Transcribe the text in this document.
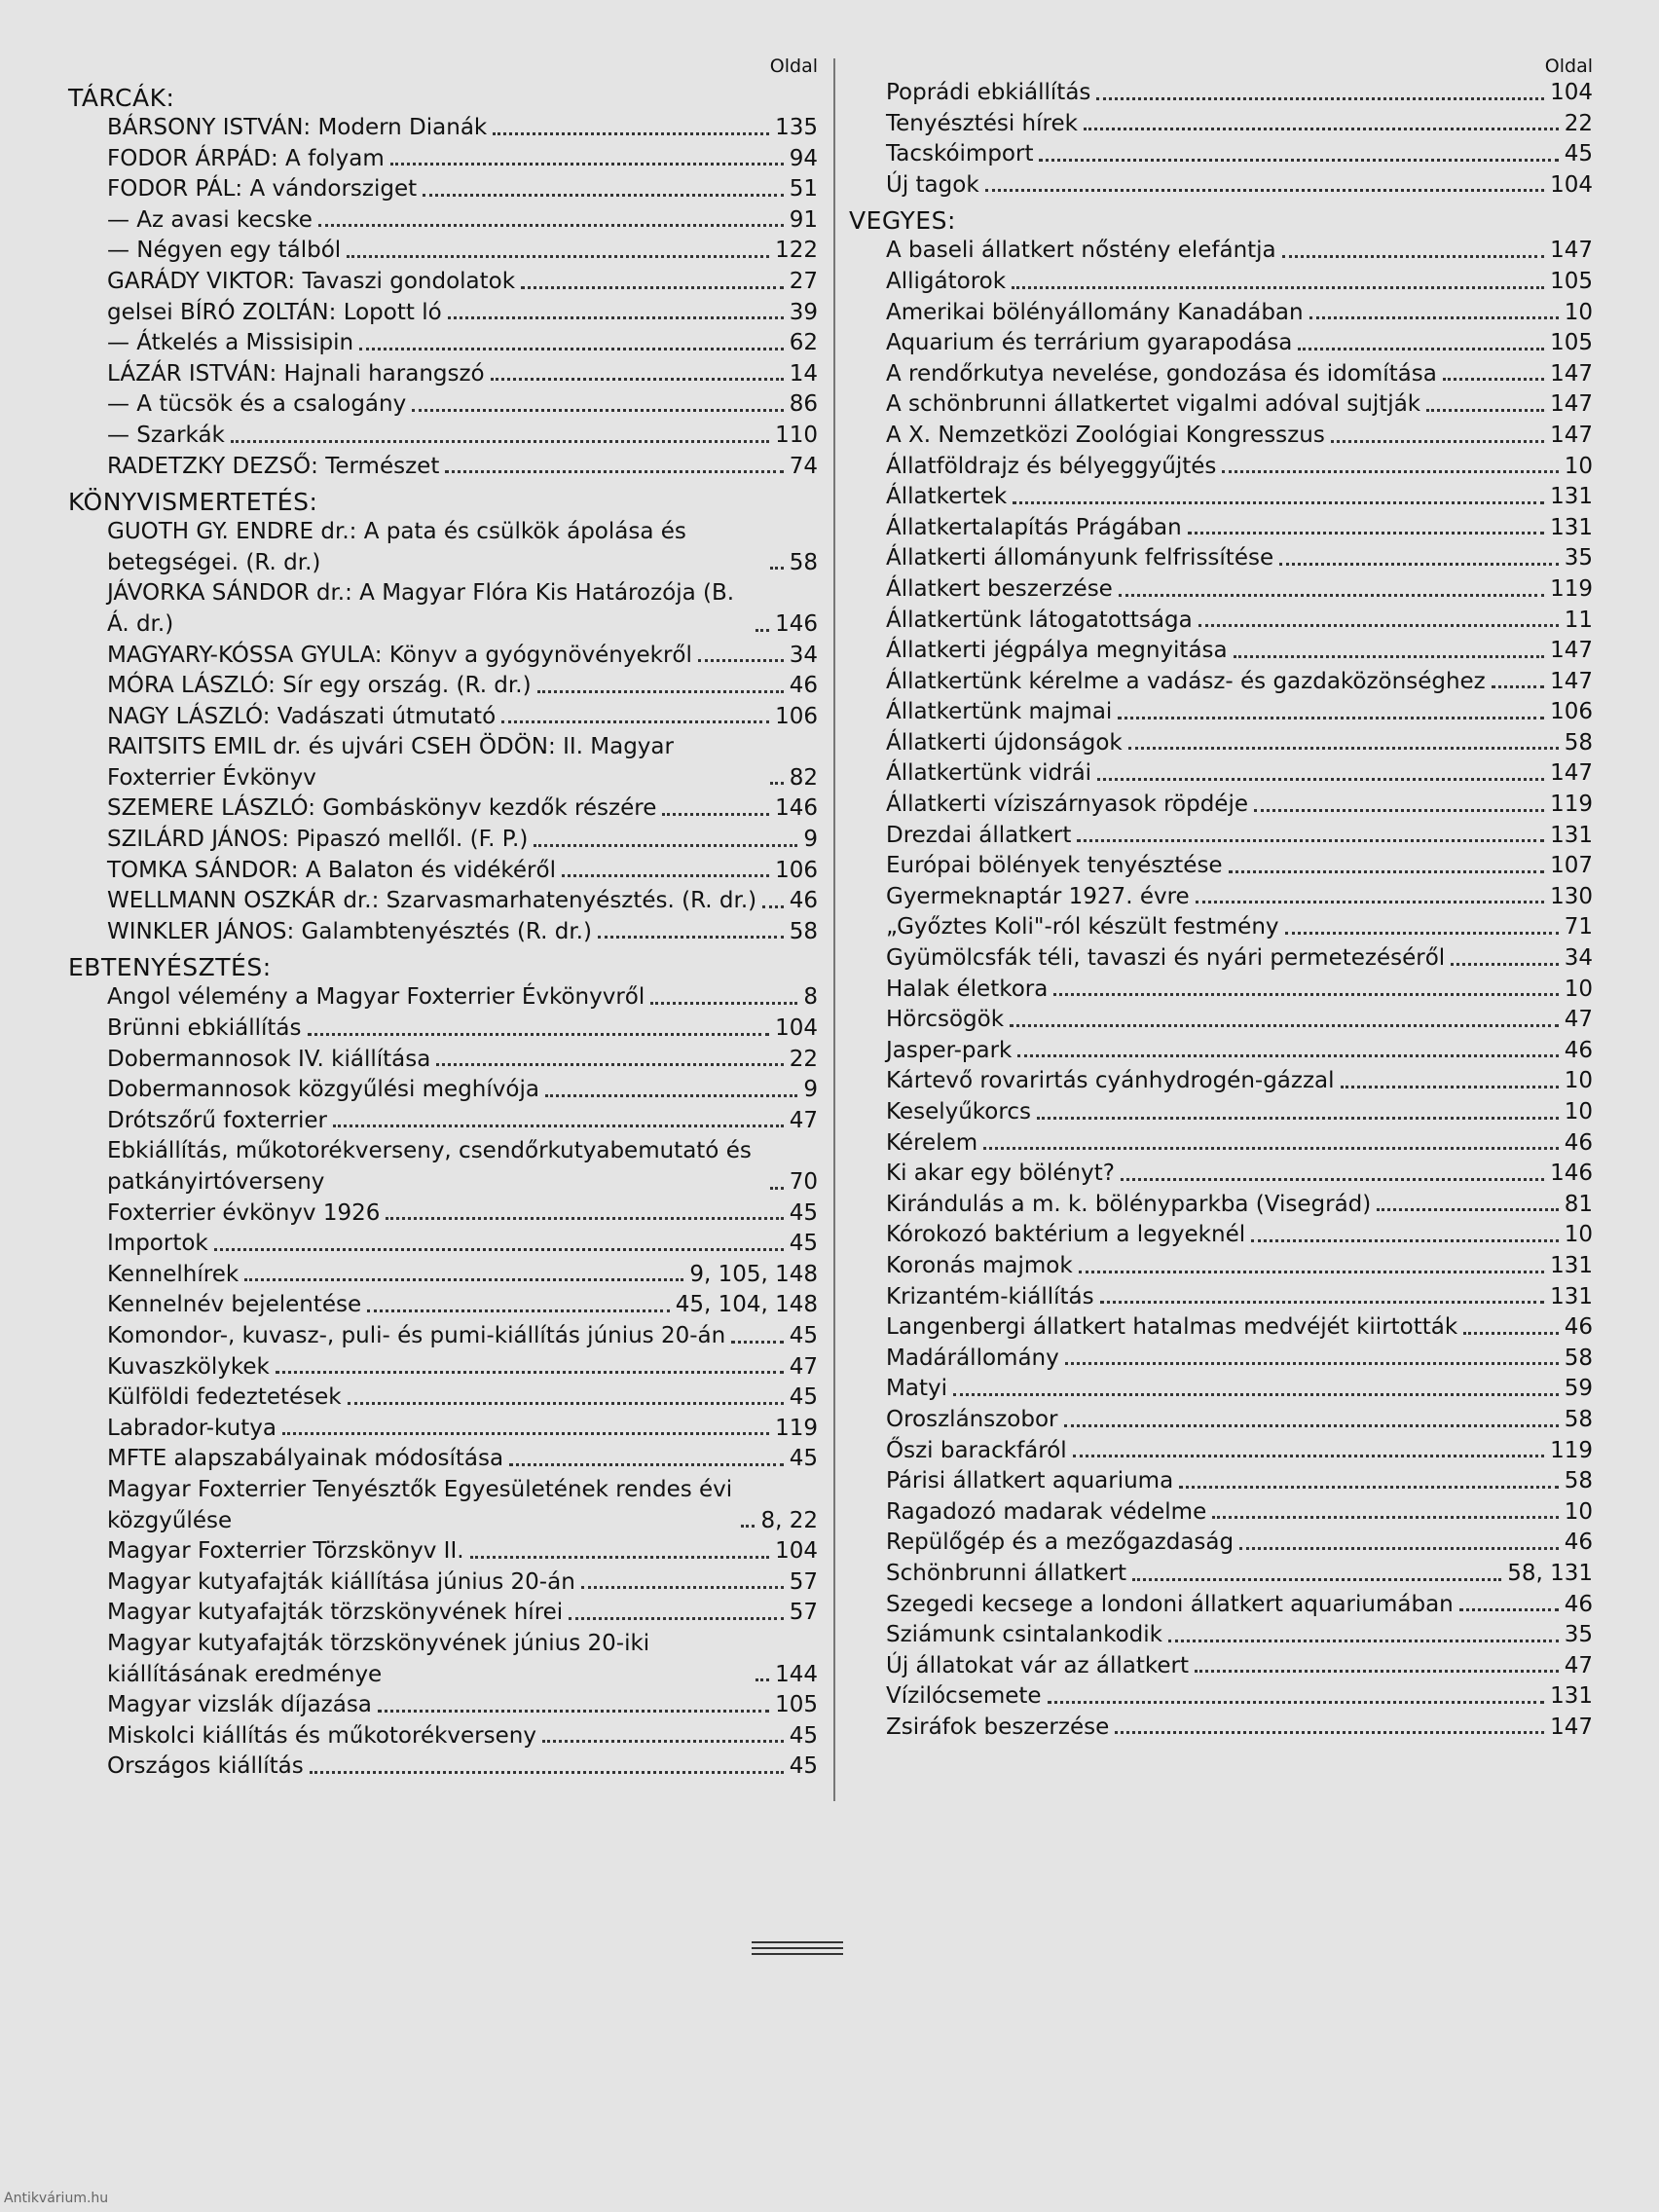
Oldal
TÁRCÁK:
BÁRSONY ISTVÁN: Modern Dianák	135
FODOR ÁRPÁD: A folyam	94
FODOR PÁL: A vándorsziget	51
— Az avasi kecske	91
— Négyen egy tálból	122
GARÁDY VIKTOR: Tavaszi gondolatok	27
gelsei BÍRÓ ZOLTÁN: Lopott ló	39
— Átkelés a Missisipin	62
LÁZÁR ISTVÁN: Hajnali harangszó	14
— A tücsök és a csalogány	86
— Szarkák	110
RADETZKY DEZSŐ: Természet	74
KÖNYVISMERTETÉS:
GUOTH GY. ENDRE dr.: A pata és csülkök ápolása és betegségei. (R. dr.)	58
JÁVORKA SÁNDOR dr.: A Magyar Flóra Kis Határozója (B. Á. dr.)	146
MAGYARY-KÓSSA GYULA: Könyv a gyógynövényekről	34
MÓRA LÁSZLÓ: Sír egy ország. (R. dr.)	46
NAGY LÁSZLÓ: Vadászati útmutató	106
RAITSITS EMIL dr. és ujvári CSEH ÖDÖN: II. Magyar Foxterrier Évkönyv	82
SZEMERE LÁSZLÓ: Gombáskönyv kezdők részére	146
SZILÁRD JÁNOS: Pipaszó mellől. (F. P.)	9
TOMKA SÁNDOR: A Balaton és vidékéről	106
WELLMANN OSZKÁR dr.: Szarvasmarhatenyésztés. (R. dr.) 46
WINKLER JÁNOS: Galambtenyésztés (R. dr.)	58
EBTENYÉSZTÉS:
Angol vélemény a Magyar Foxterrier Évkönyvről	8
Brünni ebkiállítás	104
Dobermannosok IV. kiállítása	22
Dobermannosok közgyűlési meghívója	9
Drótszőrű foxterrier	47
Ebkiállítás, műkotorékverseny, csendőrkutyabemutató és patkányirtóverseny	70
Foxterrier évkönyv 1926	45
Importok	45
Kennelhírek	9, 105, 148
Kennelnév bejelentése	45, 104, 148
Komondor-, kuvasz-, puli- és pumi-kiállítás június 20-án	45
Kuvaszkölykek	47
Külföldi fedeztetések	45
Labrador-kutya	119
MFTE alapszabályainak módosítása	45
Magyar Foxterrier Tenyésztők Egyesületének rendes évi közgyűlése	8, 22
Magyar Foxterrier Törzskönyv II.	104
Magyar kutyafajták kiállítása június 20-án	57
Magyar kutyafajták törzskönyvének hírei	57
Magyar kutyafajták törzskönyvének június 20-iki kiállításának eredménye	144
Magyar vizslák díjazása	105
Miskolci kiállítás és műkotorékverseny	45
Országos kiállítás	45
Oldal
Poprádi ebkiállítás	104
Tenyésztési hírek	22
Tacskóimport	45
Új tagok	104
VEGYES:
A baseli állatkert nőstény elefántja	147
Alligátorok	105
Amerikai bölényállomány Kanadában	10
Aquarium és terrárium gyarapodása	105
A rendőrkutya nevelése, gondozása és idomítása	147
A schönbrunni állatkertet vigalmi adóval sujtják	147
A X. Nemzetközi Zoológiai Kongresszus	147
Állatföldrajz és bélyeggyűjtés	10
Állatkertek	131
Állatkertalapítás Prágában	131
Állatkerti állományunk felfrissítése	35
Állatkert beszerzése	119
Állatkertünk látogatottsága	11
Állatkerti jégpálya megnyitása	147
Állatkertünk kérelme a vadász- és gazdaközönséghez	147
Állatkertünk majmai	106
Állatkerti újdonságok	58
Állatkertünk vidrái	147
Állatkerti víziszárnyasok röpdéje	119
Drezdai állatkert	131
Európai bölények tenyésztése	107
Gyermeknaptár 1927. évre	130
„Győztes Koli"-ról készült festmény	71
Gyümölcsfák téli, tavaszi és nyári permetezéséről	34
Halak életkora	10
Hörcsögök	47
Jasper-park	46
Kártevő rovarirtás cyánhydrogén-gázzal	10
Keselyűkorcs	10
Kérelem	46
Ki akar egy bölényt?	146
Kirándulás a m. k. bölényparkba (Visegrád)	81
Kórokozó baktérium a legyeknél	10
Koronás majmok	131
Krizantém-kiállítás	131
Langenbergi állatkert hatalmas medvéjét kiirtották	46
Madárállomány	58
Matyi	59
Oroszlánszobor	58
Őszi barackfáról	119
Párisi állatkert aquariuma	58
Ragadozó madarak védelme	10
Repülőgép és a mezőgazdaság	46
Schönbrunni állatkert	58, 131
Szegedi kecsege a londoni állatkert aquariumában	46
Sziámunk csintalankodik	35
Új állatokat vár az állatkert	47
Vízilócsemete	131
Zsiráfok beszerzése	147
Antikvárium.hu
